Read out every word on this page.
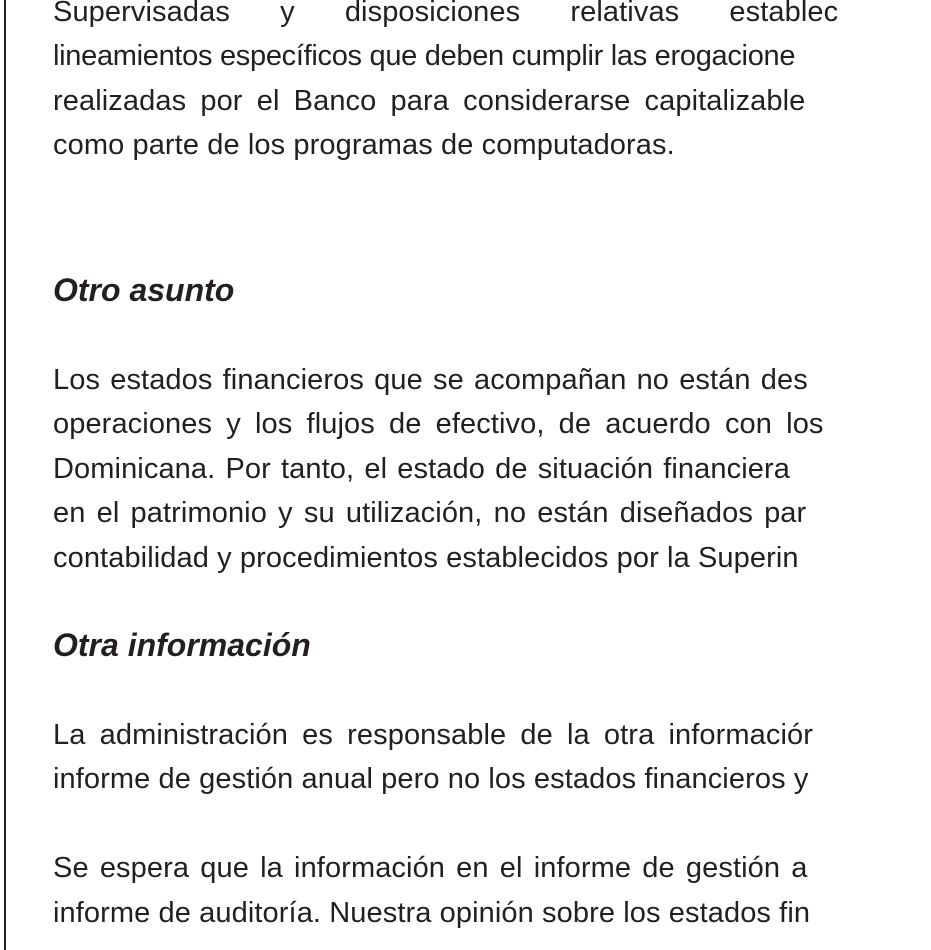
Supervisadas y disposiciones relativas establec
lineamientos específicos que deben cumplir las erogacione
realizadas por el Banco para considerarse capitalizable
como parte de los programas de computadoras.
Otro asunto
Los estados financieros que se acompañan no están des
operaciones y los flujos de efectivo, de acuerdo con los
Dominicana. Por tanto, el estado de situación financiera
en el patrimonio y su utilización, no están diseñados par
contabilidad y procedimientos establecidos por la Superin
Otra información
La administración es responsable de la otra informaciór
informe de gestión anual pero no los estados financieros y
Se espera que la información en el informe de gestión a
informe de auditoría. Nuestra opinión sobre los estados fin
